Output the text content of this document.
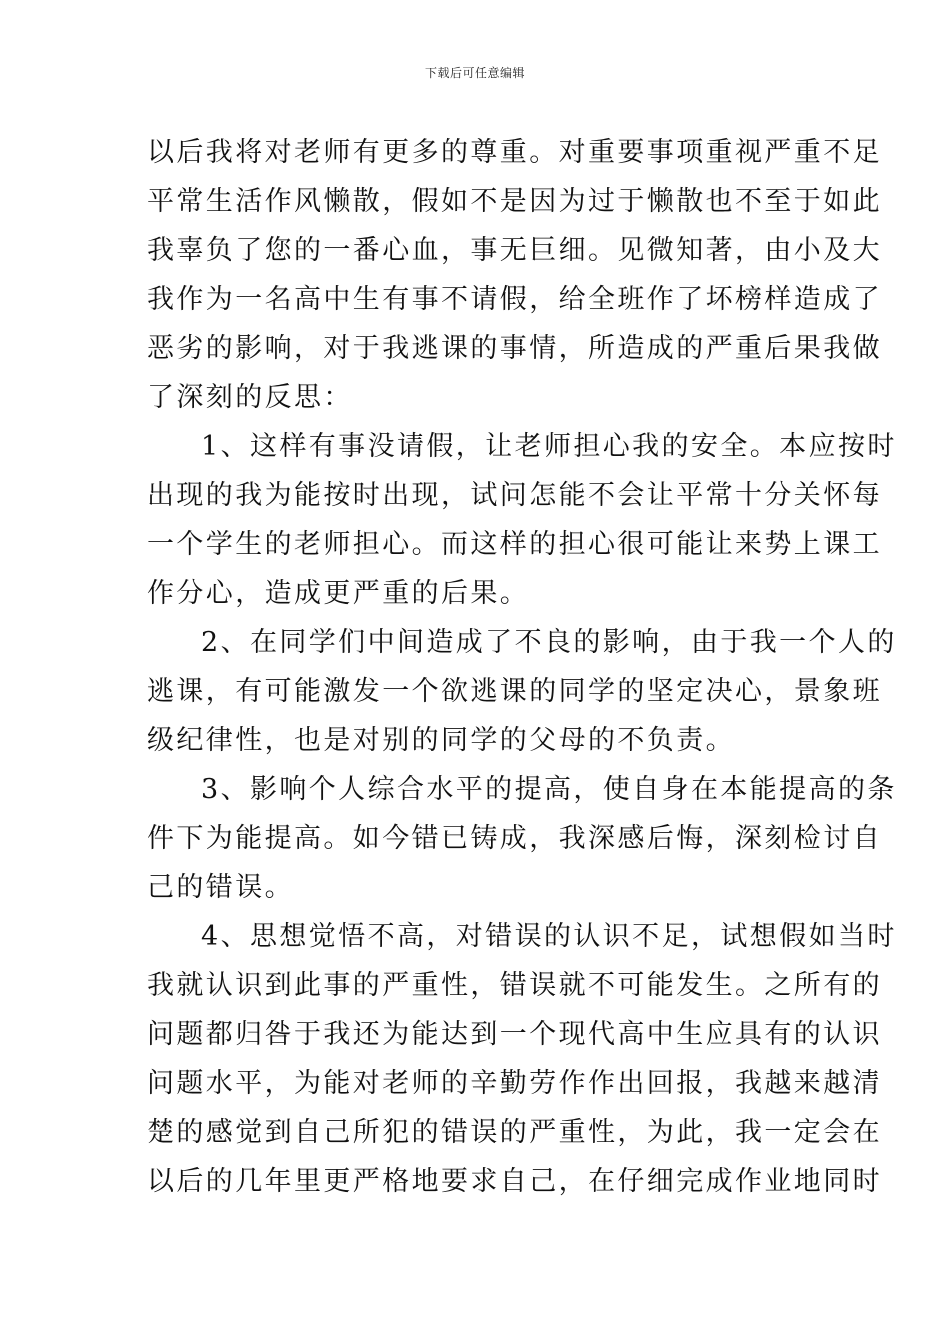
下载后可任意编辑
以后我将对老师有更多的尊重。对重要事项重视严重不足
平常生活作风懒散，假如不是因为过于懒散也不至于如此
我辜负了您的一番心血，事无巨细。见微知著，由小及大
我作为一名高中生有事不请假，给全班作了坏榜样造成了
恶劣的影响，对于我逃课的事情，所造成的严重后果我做
了深刻的反思：
1、这样有事没请假，让老师担心我的安全。本应按时
出现的我为能按时出现，试问怎能不会让平常十分关怀每
一个学生的老师担心。而这样的担心很可能让来势上课工
作分心，造成更严重的后果。
2、在同学们中间造成了不良的影响，由于我一个人的
逃课，有可能激发一个欲逃课的同学的坚定决心，景象班
级纪律性，也是对别的同学的父母的不负责。
3、影响个人综合水平的提高，使自身在本能提高的条
件下为能提高。如今错已铸成，我深感后悔，深刻检讨自
己的错误。
4、思想觉悟不高，对错误的认识不足，试想假如当时
我就认识到此事的严重性，错误就不可能发生。之所有的
问题都归咎于我还为能达到一个现代高中生应具有的认识
问题水平，为能对老师的辛勤劳作作出回报，我越来越清
楚的感觉到自己所犯的错误的严重性，为此，我一定会在
以后的几年里更严格地要求自己，在仔细完成作业地同时
